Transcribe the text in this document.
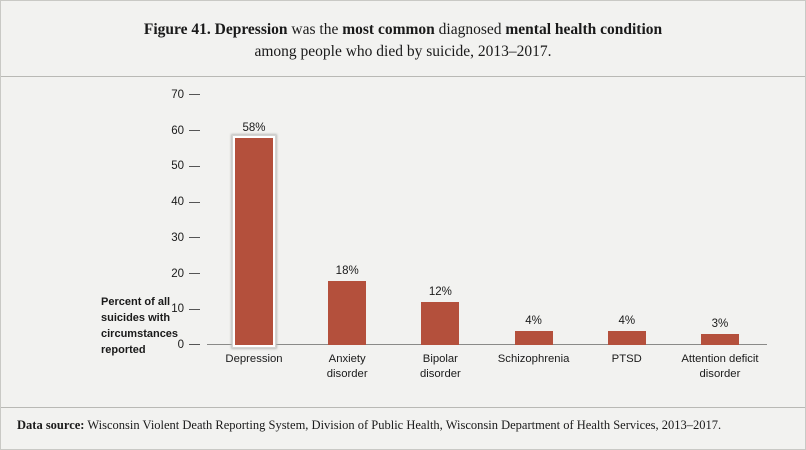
Figure 41. Depression was the most common diagnosed mental health condition
among people who died by suicide, 2013–2017.
Percent of all suicides with circumstances reported
70
60
50
40
30
20
10
0
58%
Depression
18%
Anxiety
disorder
12%
Bipolar
disorder
4%
Schizophrenia
4%
PTSD
3%
Attention deficit
disorder
Data source: Wisconsin Violent Death Reporting System, Division of Public Health, Wisconsin Department of Health Services, 2013–2017.
